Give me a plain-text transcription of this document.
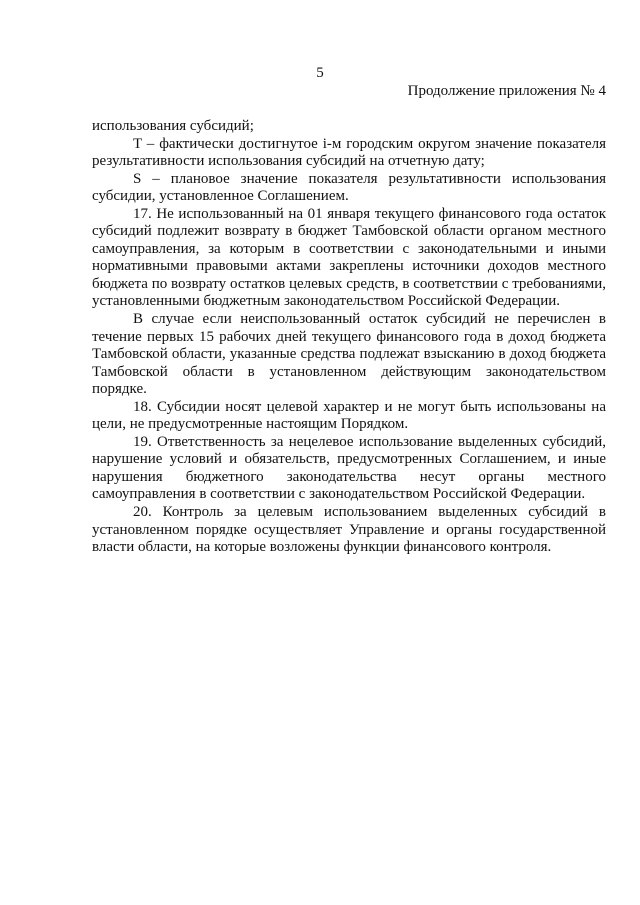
5
Продолжение приложения № 4

использования субсидий;

T – фактически достигнутое i-м городским округом значение показателя результативности использования субсидий на отчетную дату;

S – плановое значение показателя результативности использования субсидии, установленное Соглашением.

17. Не использованный на 01 января текущего финансового года остаток субсидий подлежит возврату в бюджет Тамбовской области органом местного самоуправления, за которым в соответствии с законодательными и иными нормативными правовыми актами закреплены источники доходов местного бюджета по возврату остатков целевых средств, в соответствии с требованиями, установленными бюджетным законодательством Российской Федерации.

В случае если неиспользованный остаток субсидий не перечислен в течение первых 15 рабочих дней текущего финансового года в доход бюджета Тамбовской области, указанные средства подлежат взысканию в доход бюджета Тамбовской области в установленном действующим законодательством порядке.

18. Субсидии носят целевой характер и не могут быть использованы на цели, не предусмотренные настоящим Порядком.

19. Ответственность за нецелевое использование выделенных субсидий, нарушение условий и обязательств, предусмотренных Соглашением, и иные нарушения бюджетного законодательства несут органы местного самоуправления в соответствии с законодательством Российской Федерации.

20. Контроль за целевым использованием выделенных субсидий в установленном порядке осуществляет Управление и органы государственной власти области, на которые возложены функции финансового контроля.
